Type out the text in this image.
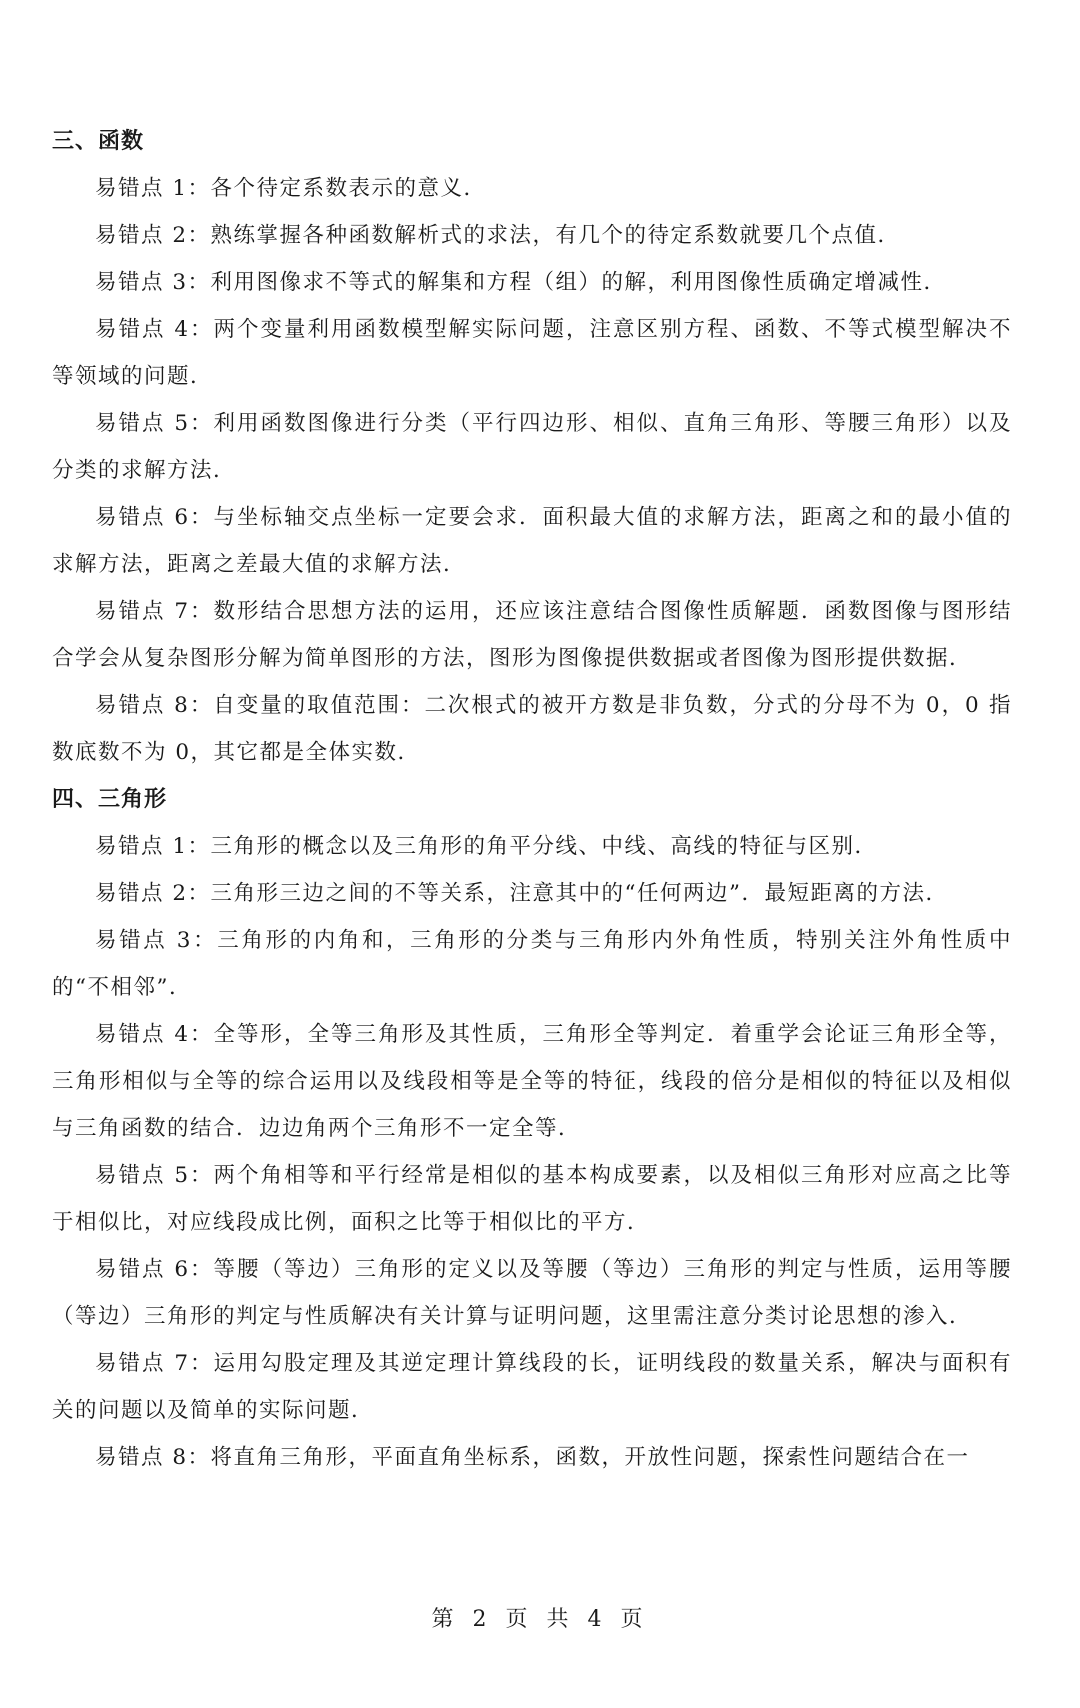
三、函数

易错点 1：各个待定系数表示的意义．

易错点 2：熟练掌握各种函数解析式的求法，有几个的待定系数就要几个点值．

易错点 3：利用图像求不等式的解集和方程（组）的解，利用图像性质确定增减性．

易错点 4：两个变量利用函数模型解实际问题，注意区别方程、函数、不等式模型解决不等领域的问题．

易错点 5：利用函数图像进行分类（平行四边形、相似、直角三角形、等腰三角形）以及分类的求解方法．

易错点 6：与坐标轴交点坐标一定要会求．面积最大值的求解方法，距离之和的最小值的求解方法，距离之差最大值的求解方法．

易错点 7：数形结合思想方法的运用，还应该注意结合图像性质解题．函数图像与图形结合学会从复杂图形分解为简单图形的方法，图形为图像提供数据或者图像为图形提供数据．

易错点 8：自变量的取值范围：二次根式的被开方数是非负数，分式的分母不为 0，0 指数底数不为 0，其它都是全体实数．

四、三角形

易错点 1：三角形的概念以及三角形的角平分线、中线、高线的特征与区别．

易错点 2：三角形三边之间的不等关系，注意其中的“任何两边”．最短距离的方法．

易错点 3：三角形的内角和，三角形的分类与三角形内外角性质，特别关注外角性质中的“不相邻”．

易错点 4：全等形，全等三角形及其性质，三角形全等判定．着重学会论证三角形全等，三角形相似与全等的综合运用以及线段相等是全等的特征，线段的倍分是相似的特征以及相似与三角函数的结合．边边角两个三角形不一定全等．

易错点 5：两个角相等和平行经常是相似的基本构成要素，以及相似三角形对应高之比等于相似比，对应线段成比例，面积之比等于相似比的平方．

易错点 6：等腰（等边）三角形的定义以及等腰（等边）三角形的判定与性质，运用等腰（等边）三角形的判定与性质解决有关计算与证明问题，这里需注意分类讨论思想的渗入．

易错点 7：运用勾股定理及其逆定理计算线段的长，证明线段的数量关系，解决与面积有关的问题以及简单的实际问题．

易错点 8：将直角三角形，平面直角坐标系，函数，开放性问题，探索性问题结合在一

第 2 页 共 4 页
